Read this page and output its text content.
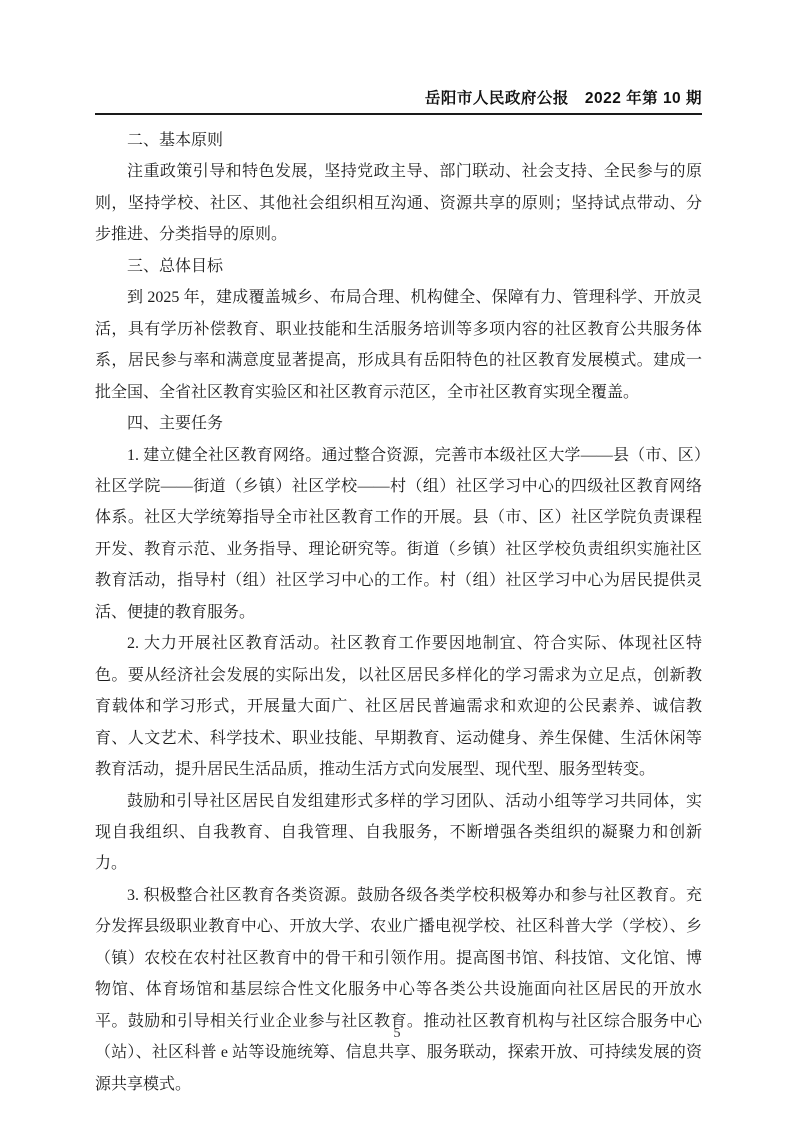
岳阳市人民政府公报　2022 年第 10 期

二、基本原则

注重政策引导和特色发展，坚持党政主导、部门联动、社会支持、全民参与的原则，坚持学校、社区、其他社会组织相互沟通、资源共享的原则；坚持试点带动、分步推进、分类指导的原则。

三、总体目标

到 2025 年，建成覆盖城乡、布局合理、机构健全、保障有力、管理科学、开放灵活，具有学历补偿教育、职业技能和生活服务培训等多项内容的社区教育公共服务体系，居民参与率和满意度显著提高，形成具有岳阳特色的社区教育发展模式。建成一批全国、全省社区教育实验区和社区教育示范区，全市社区教育实现全覆盖。

四、主要任务

1. 建立健全社区教育网络。通过整合资源，完善市本级社区大学——县（市、区）社区学院——街道（乡镇）社区学校——村（组）社区学习中心的四级社区教育网络体系。社区大学统筹指导全市社区教育工作的开展。县（市、区）社区学院负责课程开发、教育示范、业务指导、理论研究等。街道（乡镇）社区学校负责组织实施社区教育活动，指导村（组）社区学习中心的工作。村（组）社区学习中心为居民提供灵活、便捷的教育服务。

2. 大力开展社区教育活动。社区教育工作要因地制宜、符合实际、体现社区特色。要从经济社会发展的实际出发，以社区居民多样化的学习需求为立足点，创新教育载体和学习形式，开展量大面广、社区居民普遍需求和欢迎的公民素养、诚信教育、人文艺术、科学技术、职业技能、早期教育、运动健身、养生保健、生活休闲等教育活动，提升居民生活品质，推动生活方式向发展型、现代型、服务型转变。

鼓励和引导社区居民自发组建形式多样的学习团队、活动小组等学习共同体，实现自我组织、自我教育、自我管理、自我服务，不断增强各类组织的凝聚力和创新力。

3. 积极整合社区教育各类资源。鼓励各级各类学校积极筹办和参与社区教育。充分发挥县级职业教育中心、开放大学、农业广播电视学校、社区科普大学（学校）、乡（镇）农校在农村社区教育中的骨干和引领作用。提高图书馆、科技馆、文化馆、博物馆、体育场馆和基层综合性文化服务中心等各类公共设施面向社区居民的开放水平。鼓励和引导相关行业企业参与社区教育。推动社区教育机构与社区综合服务中心（站）、社区科普 e 站等设施统筹、信息共享、服务联动，探索开放、可持续发展的资源共享模式。

5
